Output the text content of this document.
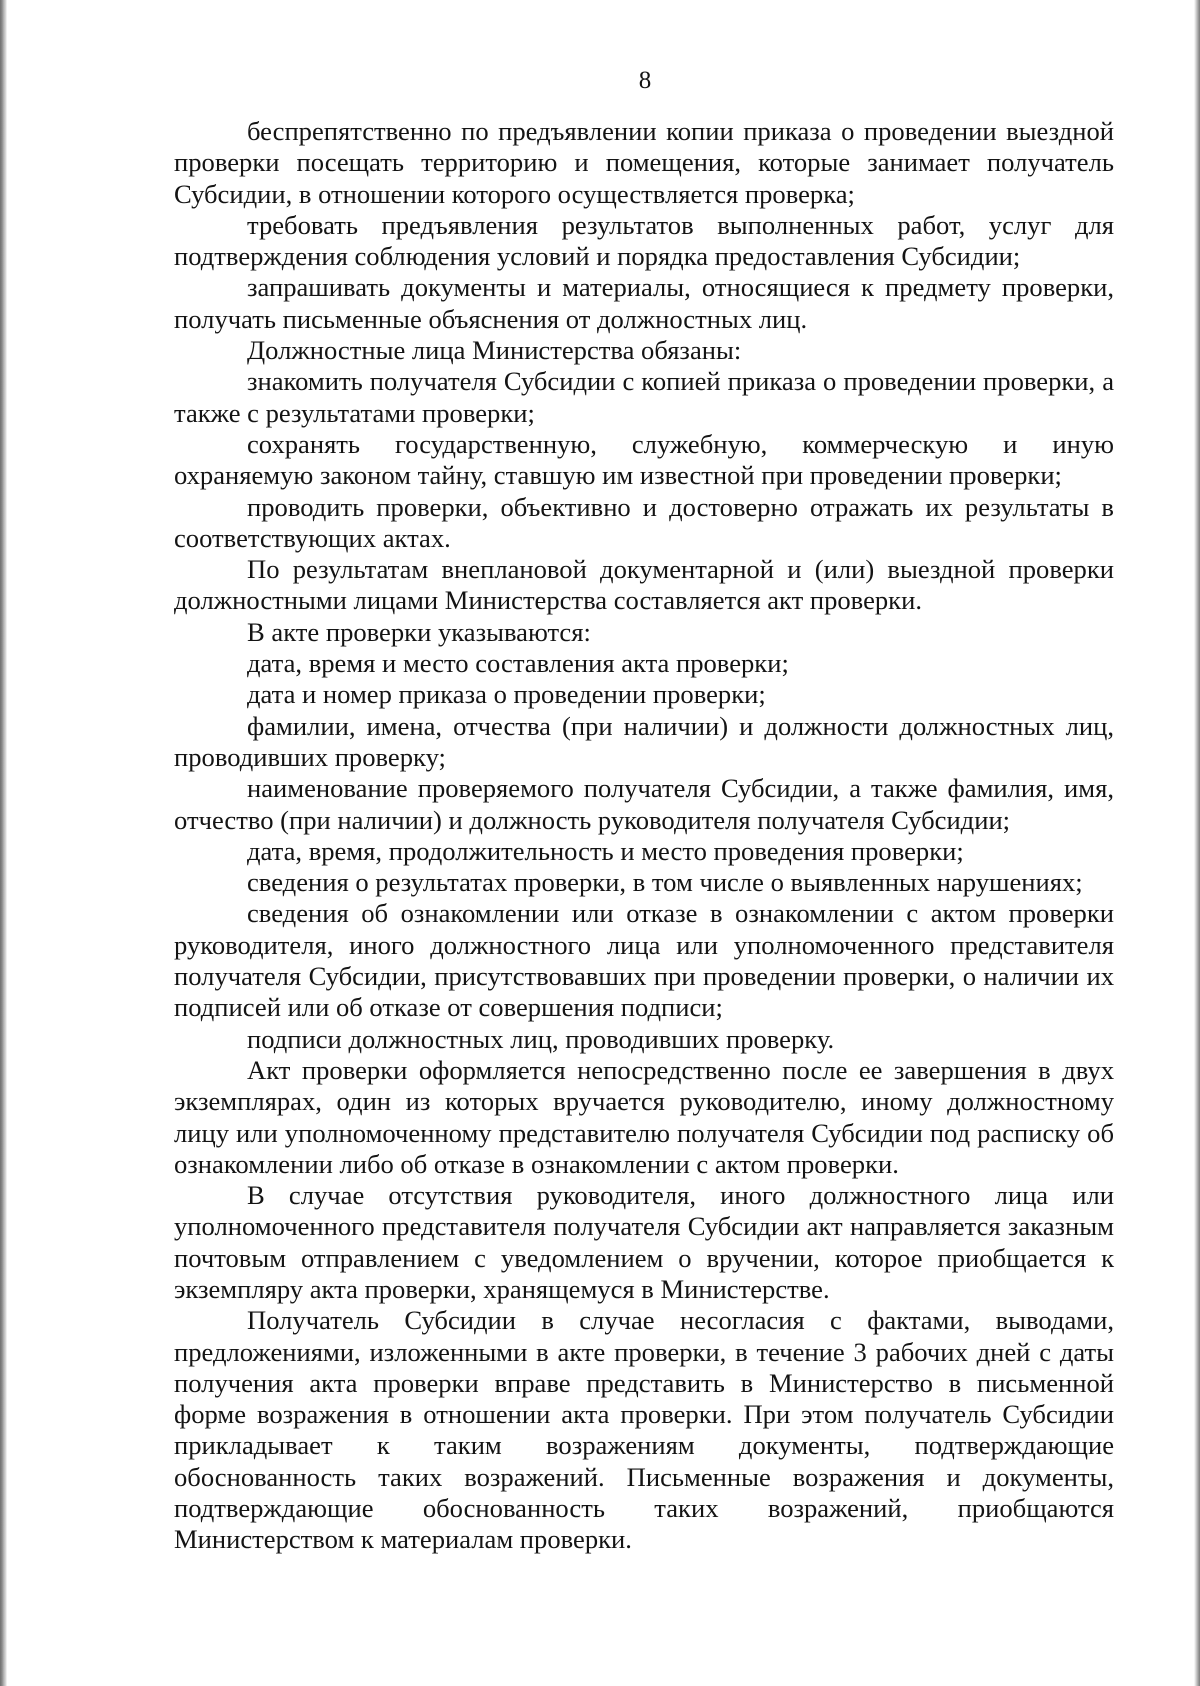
8

беспрепятственно по предъявлении копии приказа о проведении выездной проверки посещать территорию и помещения, которые занимает получатель Субсидии, в отношении которого осуществляется проверка;

требовать предъявления результатов выполненных работ, услуг для подтверждения соблюдения условий и порядка предоставления Субсидии;

запрашивать документы и материалы, относящиеся к предмету проверки, получать письменные объяснения от должностных лиц.

Должностные лица Министерства обязаны:

знакомить получателя Субсидии с копией приказа о проведении проверки, а также с результатами проверки;

сохранять государственную, служебную, коммерческую и иную охраняемую законом тайну, ставшую им известной при проведении проверки;

проводить проверки, объективно и достоверно отражать их результаты в соответствующих актах.

По результатам внеплановой документарной и (или) выездной проверки должностными лицами Министерства составляется акт проверки.

В акте проверки указываются:

дата, время и место составления акта проверки;

дата и номер приказа о проведении проверки;

фамилии, имена, отчества (при наличии) и должности должностных лиц, проводивших проверку;

наименование проверяемого получателя Субсидии, а также фамилия, имя, отчество (при наличии) и должность руководителя получателя Субсидии;

дата, время, продолжительность и место проведения проверки;

сведения о результатах проверки, в том числе о выявленных нарушениях;

сведения об ознакомлении или отказе в ознакомлении с актом проверки руководителя, иного должностного лица или уполномоченного представителя получателя Субсидии, присутствовавших при проведении проверки, о наличии их подписей или об отказе от совершения подписи;

подписи должностных лиц, проводивших проверку.

Акт проверки оформляется непосредственно после ее завершения в двух экземплярах, один из которых вручается руководителю, иному должностному лицу или уполномоченному представителю получателя Субсидии под расписку об ознакомлении либо об отказе в ознакомлении с актом проверки.

В случае отсутствия руководителя, иного должностного лица или уполномоченного представителя получателя Субсидии акт направляется заказным почтовым отправлением с уведомлением о вручении, которое приобщается к экземпляру акта проверки, хранящемуся в Министерстве.

Получатель Субсидии в случае несогласия с фактами, выводами, предложениями, изложенными в акте проверки, в течение 3 рабочих дней с даты получения акта проверки вправе представить в Министерство в письменной форме возражения в отношении акта проверки. При этом получатель Субсидии прикладывает к таким возражениям документы, подтверждающие обоснованность таких возражений. Письменные возражения и документы, подтверждающие обоснованность таких возражений, приобщаются Министерством к материалам проверки.
